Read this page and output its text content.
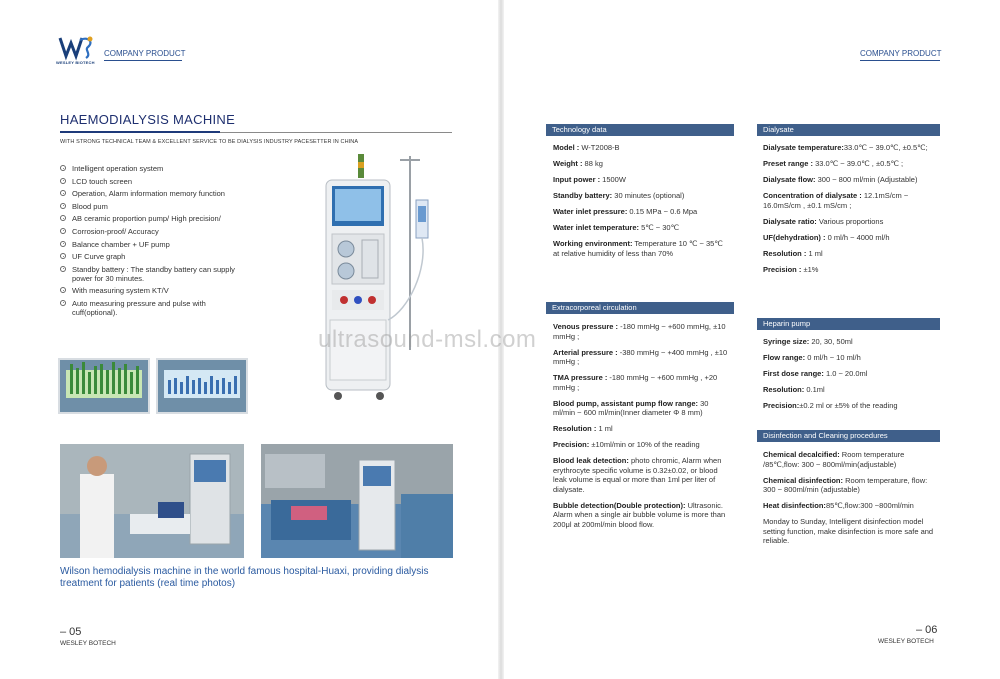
WESLEY BIOTECH
COMPANY PRODUCT
HAEMODIALYSIS MACHINE
WITH STRONG TECHNICAL TEAM & EXCELLENT SERVICE TO BE DIALYSIS INDUSTRY PACESETTER IN CHINA
Intelligent operation system
LCD touch screen
Operation, Alarm information memory function
Blood pum
AB ceramic proportion pump/ High precision/
Corrosion-proof/ Accuracy
Balance chamber + UF pump
UF Curve graph
Standby battery : The standby battery can supply power for 30 minutes.
With measuring system KT/V
Auto measuring pressure and pulse with cuff(optional).
Wilson hemodialysis machine in the world famous hospital-Huaxi, providing dialysis treatment for patients (real time photos)
– 05
WESLEY BOTECH
COMPANY PRODUCT
Technology data

Model : W-T2008-B

Weight : 88 kg

Input power : 1500W

Standby battery: 30 minutes (optional)

Water inlet pressure: 0.15 MPa ~ 0.6 Mpa

Water inlet temperature: 5℃ ~ 30℃

Working environment: Temperature 10 ℃ ~ 35℃ at relative humidity of less than 70%

Extracorporeal circulation

Venous pressure : -180 mmHg ~ +600 mmHg, ±10 mmHg ;

Arterial pressure : -380 mmHg ~ +400 mmHg , ±10 mmHg ;

TMA pressure : -180 mmHg ~ +600 mmHg , +20 mmHg ;

Blood pump, assistant pump flow range: 30 ml/min ~ 600 ml/min(Inner diameter Φ 8 mm)

Resolution : 1 ml

Precision: ±10ml/min or 10% of the reading

Blood leak detection: photo chromic, Alarm when erythrocyte specific volume is 0.32±0.02, or blood leak volume is equal or more than 1ml per liter of dialysate.

Bubble detection(Double protection): Ultrasonic. Alarm when a single air bubble volume is more than 200μl at 200ml/min blood flow.

Dialysate

Dialysate temperature:33.0℃ ~ 39.0℃, ±0.5℃;

Preset range : 33.0℃ ~ 39.0℃ , ±0.5℃ ;

Dialysate flow: 300 ~ 800 ml/min (Adjustable)

Concentration of dialysate : 12.1mS/cm ~ 16.0mS/cm , ±0.1 mS/cm ;

Dialysate ratio: Various proportions

UF(dehydration) : 0 ml/h ~ 4000 ml/h

Resolution : 1 ml

Precision : ±1%

Heparin pump

Syringe size: 20, 30, 50ml

Flow range: 0 ml/h ~ 10 ml/h

First dose range: 1.0 ~ 20.0ml

Resolution: 0.1ml

Precision:±0.2 ml or ±5% of the reading

Disinfection and Cleaning procedures

Chemical decalcified: Room temperature /85℃,flow: 300 ~ 800ml/min(adjustable)

Chemical disinfection: Room temperature, flow: 300 ~ 800ml/min (adjustable)

Heat disinfection:85℃,flow:300 ~800ml/min

Monday to Sunday, Intelligent disinfection model setting function, make disinfection is more safe and reliable.

– 06
WESLEY BOTECH
ultrasound-msl.com
